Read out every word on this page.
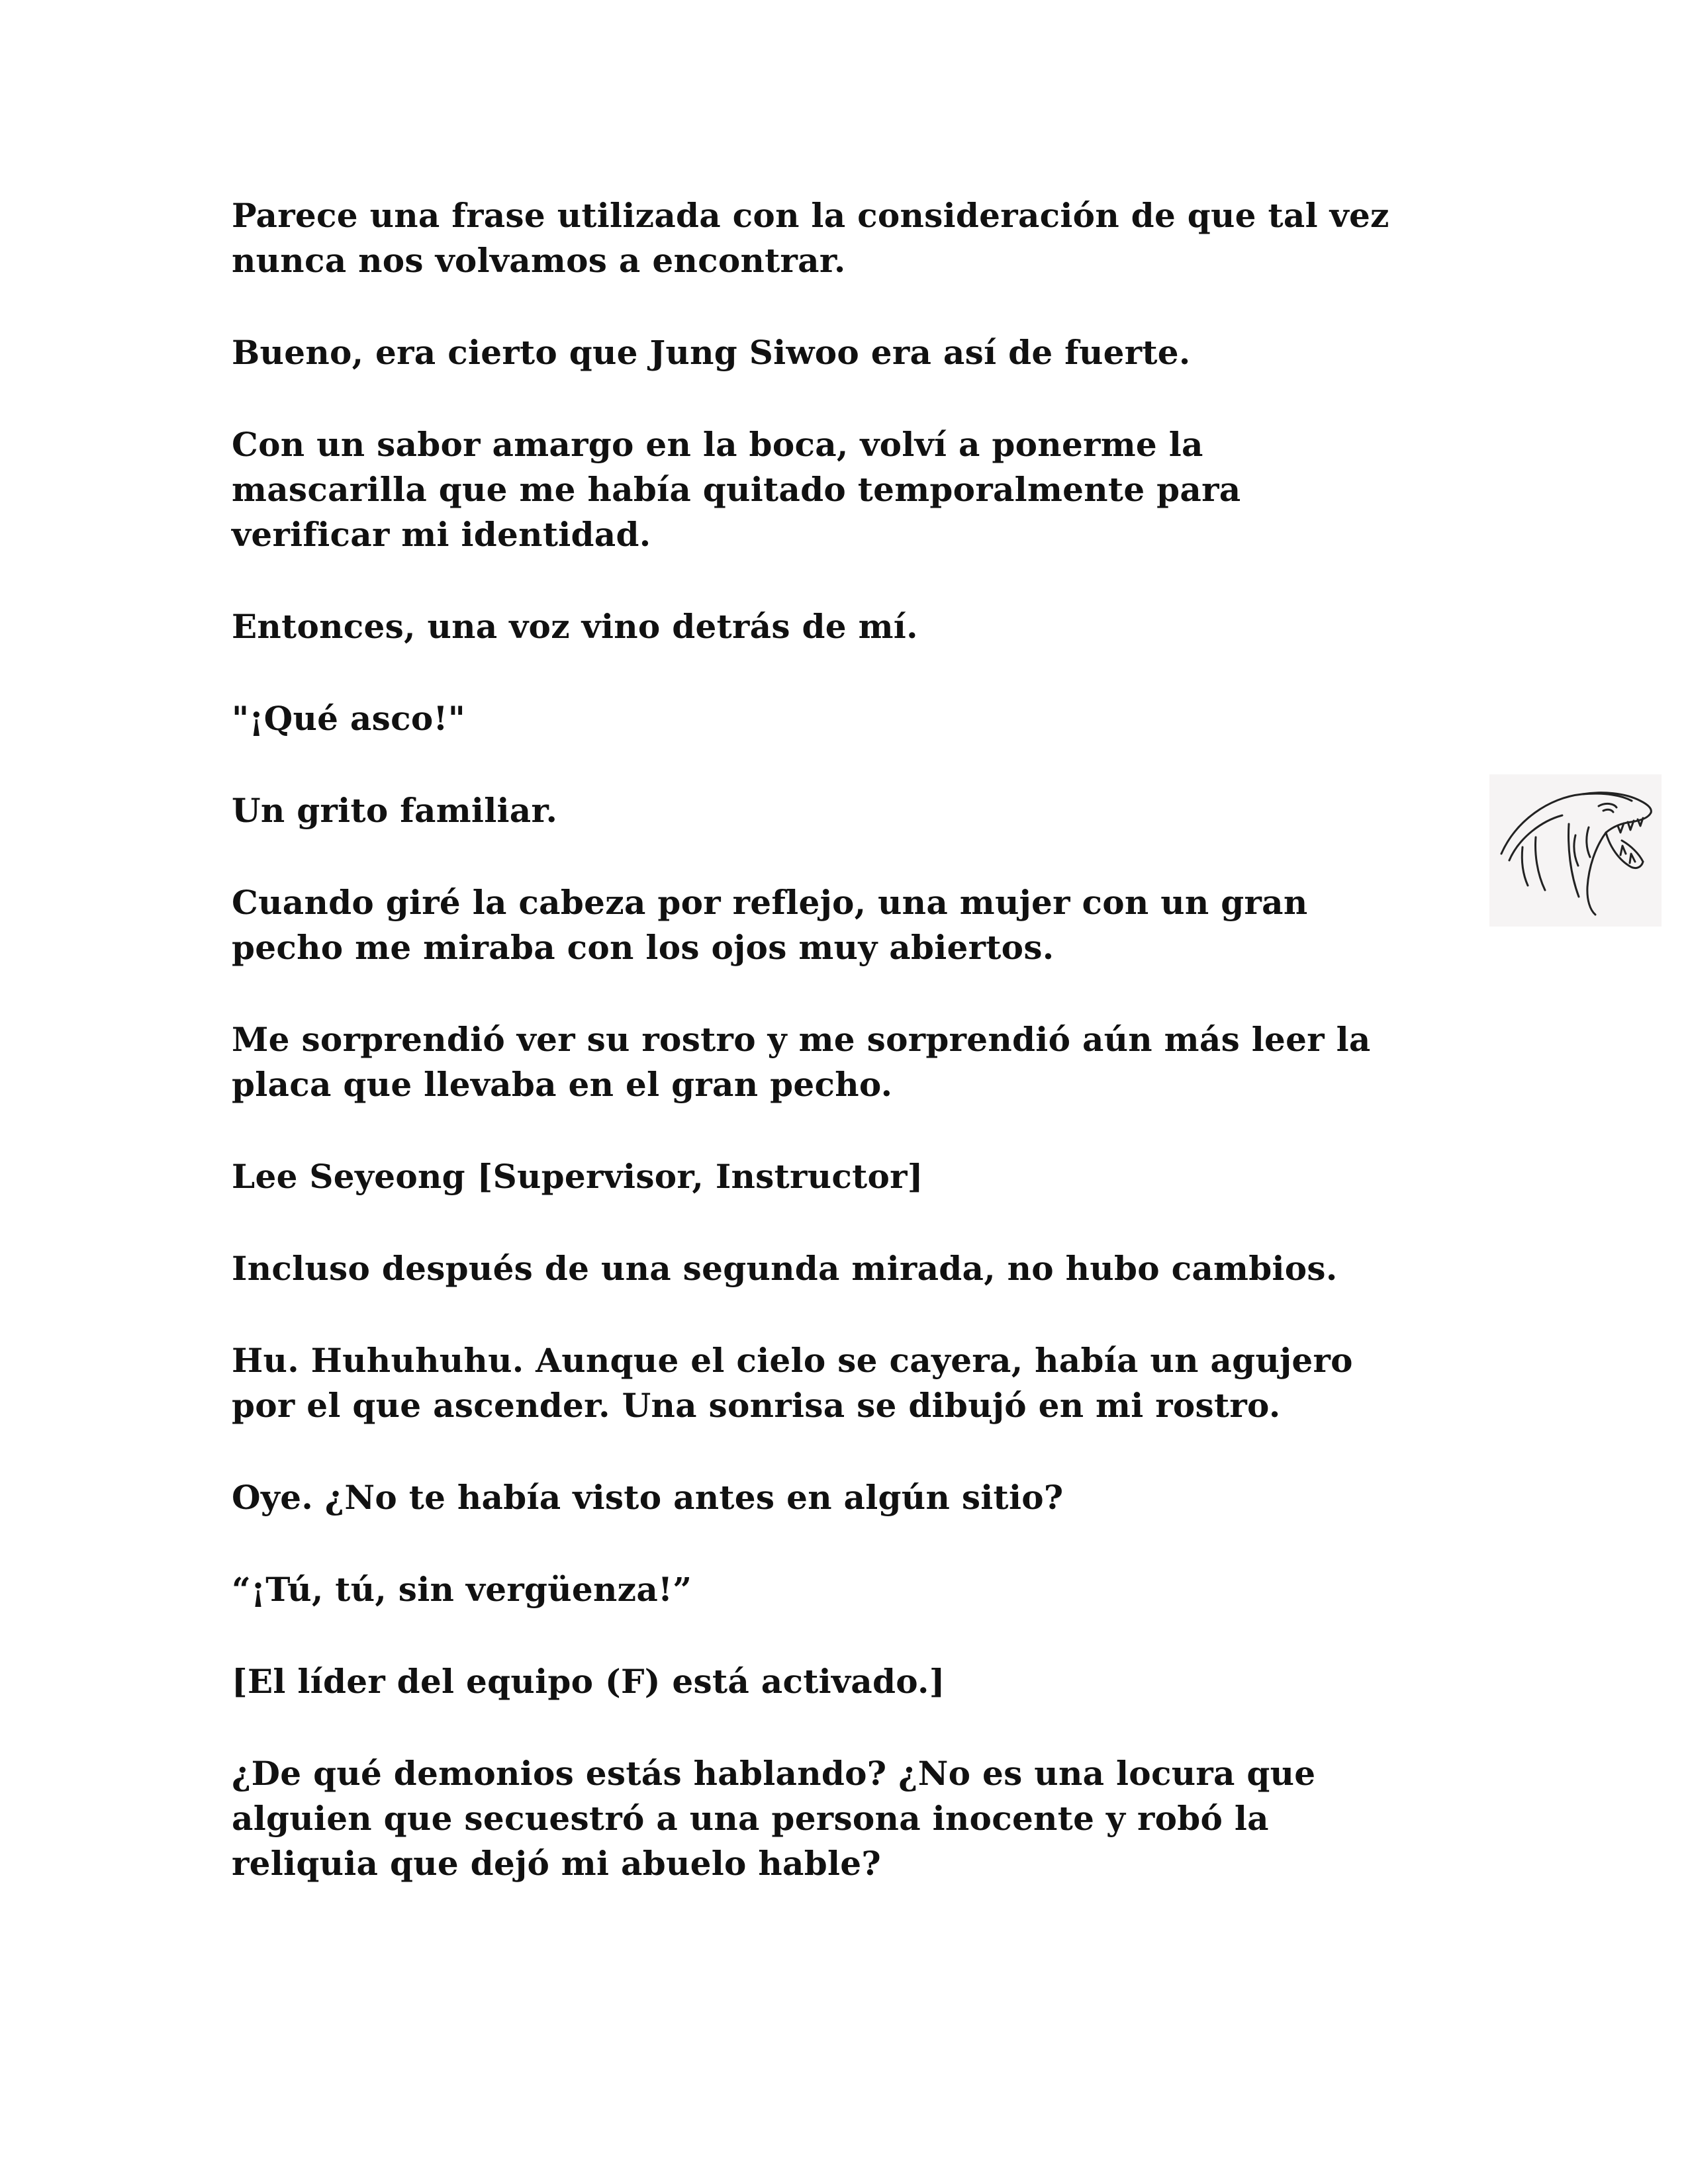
Parece una frase utilizada con la consideración de que tal vez
nunca nos volvamos a encontrar.

Bueno, era cierto que Jung Siwoo era así de fuerte.

Con un sabor amargo en la boca, volví a ponerme la
mascarilla que me había quitado temporalmente para
verificar mi identidad.

Entonces, una voz vino detrás de mí.

"¡Qué asco!"

Un grito familiar.

Cuando giré la cabeza por reflejo, una mujer con un gran
pecho me miraba con los ojos muy abiertos.

Me sorprendió ver su rostro y me sorprendió aún más leer la
placa que llevaba en el gran pecho.

Lee Seyeong [Supervisor, Instructor]

Incluso después de una segunda mirada, no hubo cambios.

Hu. Huhuhuhu. Aunque el cielo se cayera, había un agujero
por el que ascender. Una sonrisa se dibujó en mi rostro.

Oye. ¿No te había visto antes en algún sitio?

“¡Tú, tú, sin vergüenza!”

[El líder del equipo (F) está activado.]

¿De qué demonios estás hablando? ¿No es una locura que
alguien que secuestró a una persona inocente y robó la
reliquia que dejó mi abuelo hable?
